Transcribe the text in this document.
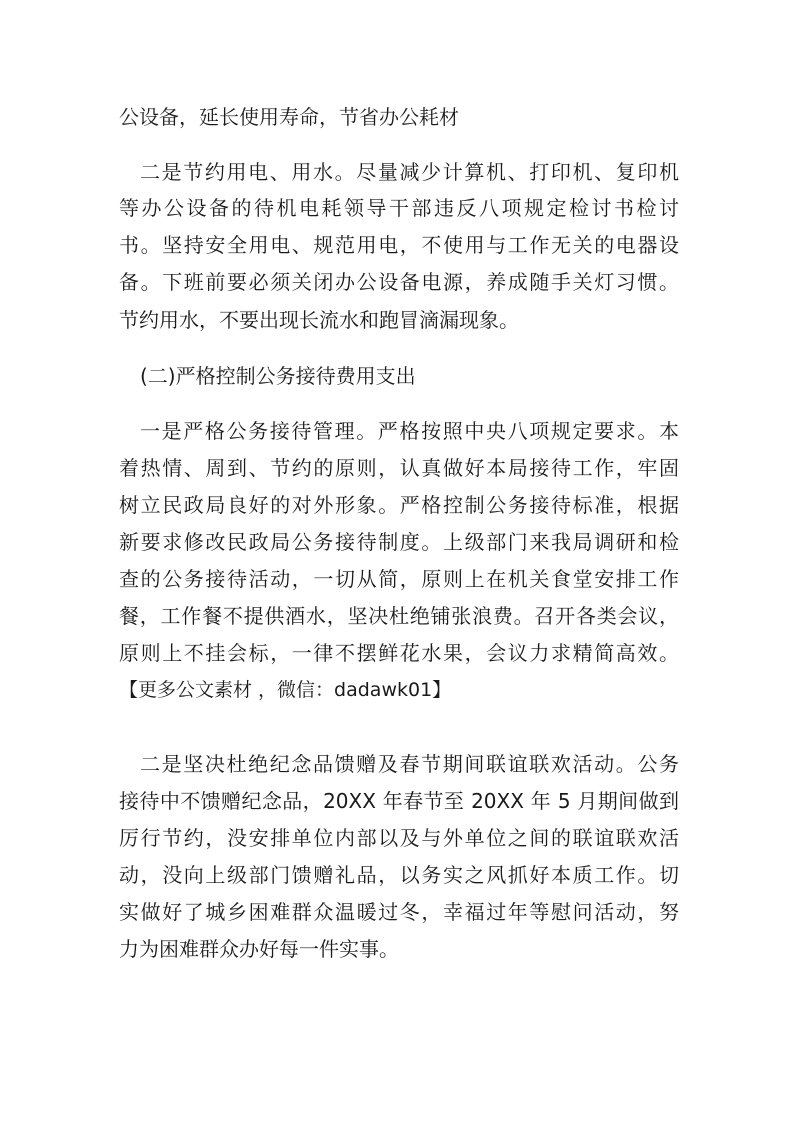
公设备，延长使用寿命，节省办公耗材
二是节约用电、用水。尽量减少计算机、打印机、复印机
等办公设备的待机电耗领导干部违反八项规定检讨书检讨
书。坚持安全用电、规范用电，不使用与工作无关的电器设
备。下班前要必须关闭办公设备电源，养成随手关灯习惯。
节约用水，不要出现长流水和跑冒滴漏现象。
(二)严格控制公务接待费用支出
一是严格公务接待管理。严格按照中央八项规定要求。本
着热情、周到、节约的原则，认真做好本局接待工作，牢固
树立民政局良好的对外形象。严格控制公务接待标准，根据
新要求修改民政局公务接待制度。上级部门来我局调研和检
查的公务接待活动，一切从简，原则上在机关食堂安排工作
餐，工作餐不提供酒水，坚决杜绝铺张浪费。召开各类会议，
原则上不挂会标，一律不摆鲜花水果，会议力求精简高效。
【更多公文素材 ，微信：dadawk01】
二是坚决杜绝纪念品馈赠及春节期间联谊联欢活动。公务
接待中不馈赠纪念品，20XX 年春节至 20XX 年 5 月期间做到
厉行节约，没安排单位内部以及与外单位之间的联谊联欢活
动，没向上级部门馈赠礼品，以务实之风抓好本质工作。切
实做好了城乡困难群众温暖过冬，幸福过年等慰问活动，努
力为困难群众办好每一件实事。
